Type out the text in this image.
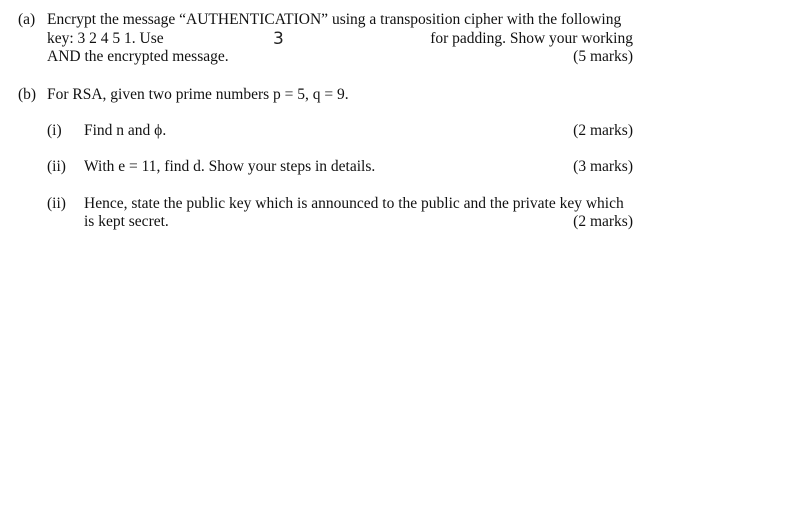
(a) Encrypt the message “AUTHENTICATION” using a transposition cipher with the following
key: 3 2 4 5 1. Use	3	for padding. Show your working
AND the encrypted message.	(5 marks)
(b) For RSA, given two prime numbers p = 5, q = 9.
(i) Find n and ϕ.	(2 marks)
(ii) With e = 11, find d. Show your steps in details.	(3 marks)
(ii) Hence, state the public key which is announced to the public and the private key which
is kept secret.	(2 marks)
